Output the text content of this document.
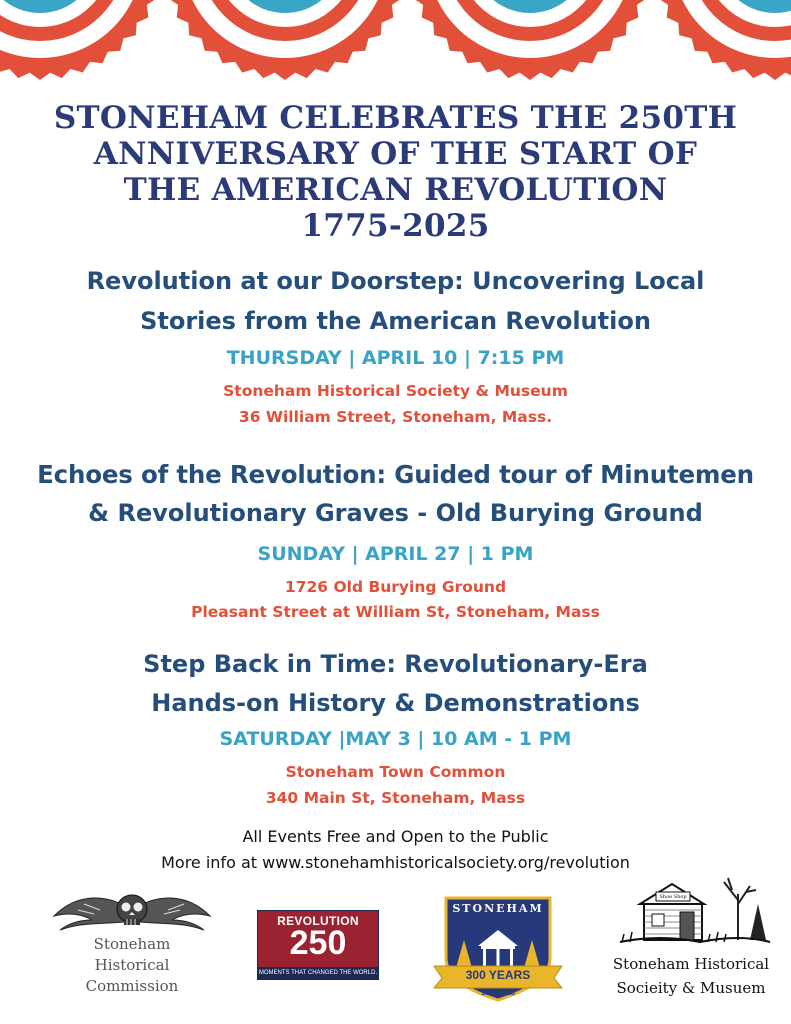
STONEHAM CELEBRATES THE 250TH
ANNIVERSARY OF THE START OF
THE AMERICAN REVOLUTION
1775-2025
Revolution at our Doorstep: Uncovering Local
Stories from the American Revolution
THURSDAY | APRIL 10 | 7:15 PM
Stoneham Historical Society & Museum
36 William Street, Stoneham, Mass.
Echoes of the Revolution: Guided tour of Minutemen
& Revolutionary Graves - Old Burying Ground
SUNDAY | APRIL 27 | 1 PM
1726 Old Burying Ground
Pleasant Street at William St, Stoneham, Mass
Step Back in Time: Revolutionary-Era
Hands-on History & Demonstrations
SATURDAY |MAY 3 | 10 AM - 1 PM
Stoneham Town Common
340 Main St, Stoneham, Mass
All Events Free and Open to the Public
More info at www.stonehamhistoricalsociety.org/revolution
Stoneham
Historical
Commission
REVOLUTION
250
MOMENTS THAT CHANGED THE WORLD.
STONEHAM
300 YEARS
1725-2025
Shoe Shop
Stoneham Historical
Socieity & Musuem
